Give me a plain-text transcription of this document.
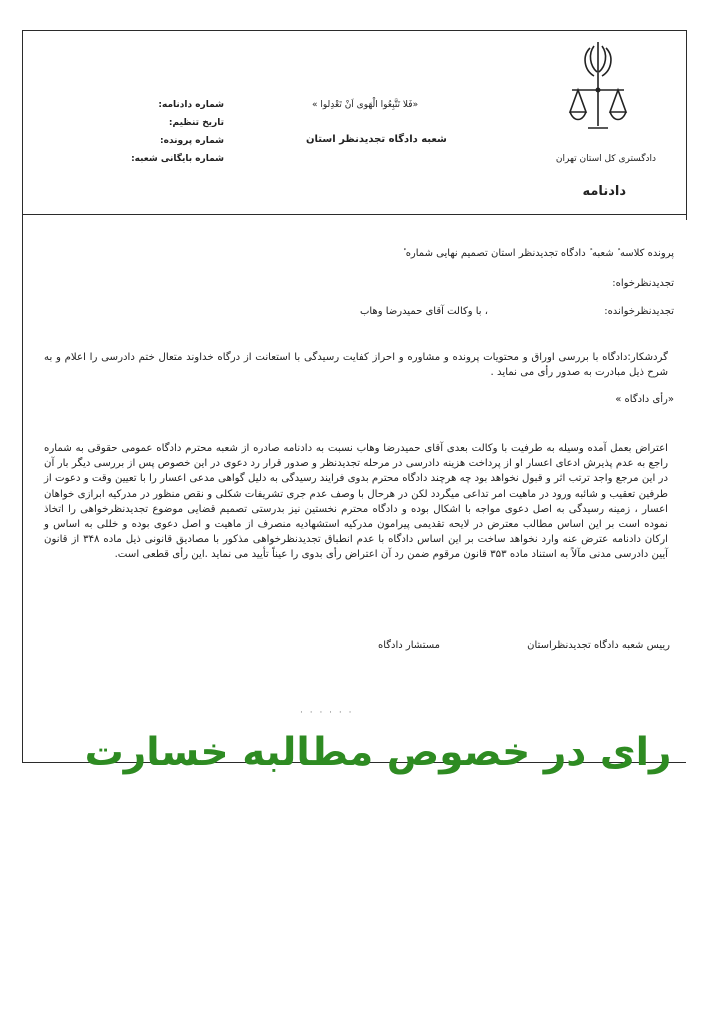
دادگستری کل استان تهران
دادنامه
«فَلا تَتَّبِعُوا الْهَوى اَنْ تَعْدِلوا »
شعبه دادگاه تجدیدنظر استان
شماره دادنامه:
تاریخ تنظیم:
شماره پرونده:
شماره بایگانی شعبه:
پرونده کلاسه ٔ شعبه ٔ دادگاه تجدیدنظر استان تصمیم نهایی شماره ٔ
تجدیدنظرخواه:
تجدیدنظرخوانده:
، با وکالت آقای حمیدرضا وهاب

گردشکار:دادگاه با بررسی اوراق و محتویات پرونده و مشاوره و احراز کفایت رسیدگی با استعانت از درگاه خداوند متعال ختم دادرسی را اعلام و به شرح ذیل مبادرت به صدور رأی می نماید .

«رأی دادگاه »

اعتراض بعمل آمده وسیله به طرفیت با وکالت بعدی آقای حمیدرضا وهاب نسبت به دادنامه صادره از شعبه محترم دادگاه عمومی حقوقی به شماره راجع به عدم پذیرش ادعای اعسار او از پرداخت هزینه دادرسی در مرحله تجدیدنظر و صدور قرار رد دعوی در این خصوص پس از بررسی دیگر بار آن در این مرجع واجد ترتب اثر و قبول نخواهد بود چه هرچند دادگاه محترم بدوی فرایند رسیدگی به دلیل گواهی مدعی اعسار را با تعیین وقت و دعوت از طرفین تعقیب و شائبه ورود در ماهیت امر تداعی میگردد لکن در هرحال با وصف عدم جری تشریفات شکلی و نقص منظور در مدرکیه ابرازی خواهان اعسار ، زمینه رسیدگی به اصل دعوی مواجه با اشکال بوده و دادگاه محترم نخستین نیز بدرستی تصمیم قضایی موضوع تجدیدنظرخواهی را اتخاذ نموده است بر این اساس مطالب معترض در لایحه تقدیمی پیرامون مدرکیه استشهادیه منصرف از ماهیت و اصل دعوی بوده و خللی به اساس و ارکان دادنامه عترض عنه وارد نخواهد ساخت بر این اساس دادگاه با عدم انطباق تجدیدنظرخواهی مذکور با مصادیق قانونی ذیل ماده ۳۴۸ از قانون آیین دادرسی مدنی مآلاً به استناد ماده ۳۵۳ قانون مرقوم ضمن رد آن اعتراض رأی بدوی را عیناً تأیید می نماید .این رأی قطعی است.

رییس شعبه دادگاه تجدیدنظراستان
مستشار دادگاه
· · · · · ·
رای در خصوص مطالبه خسارت
